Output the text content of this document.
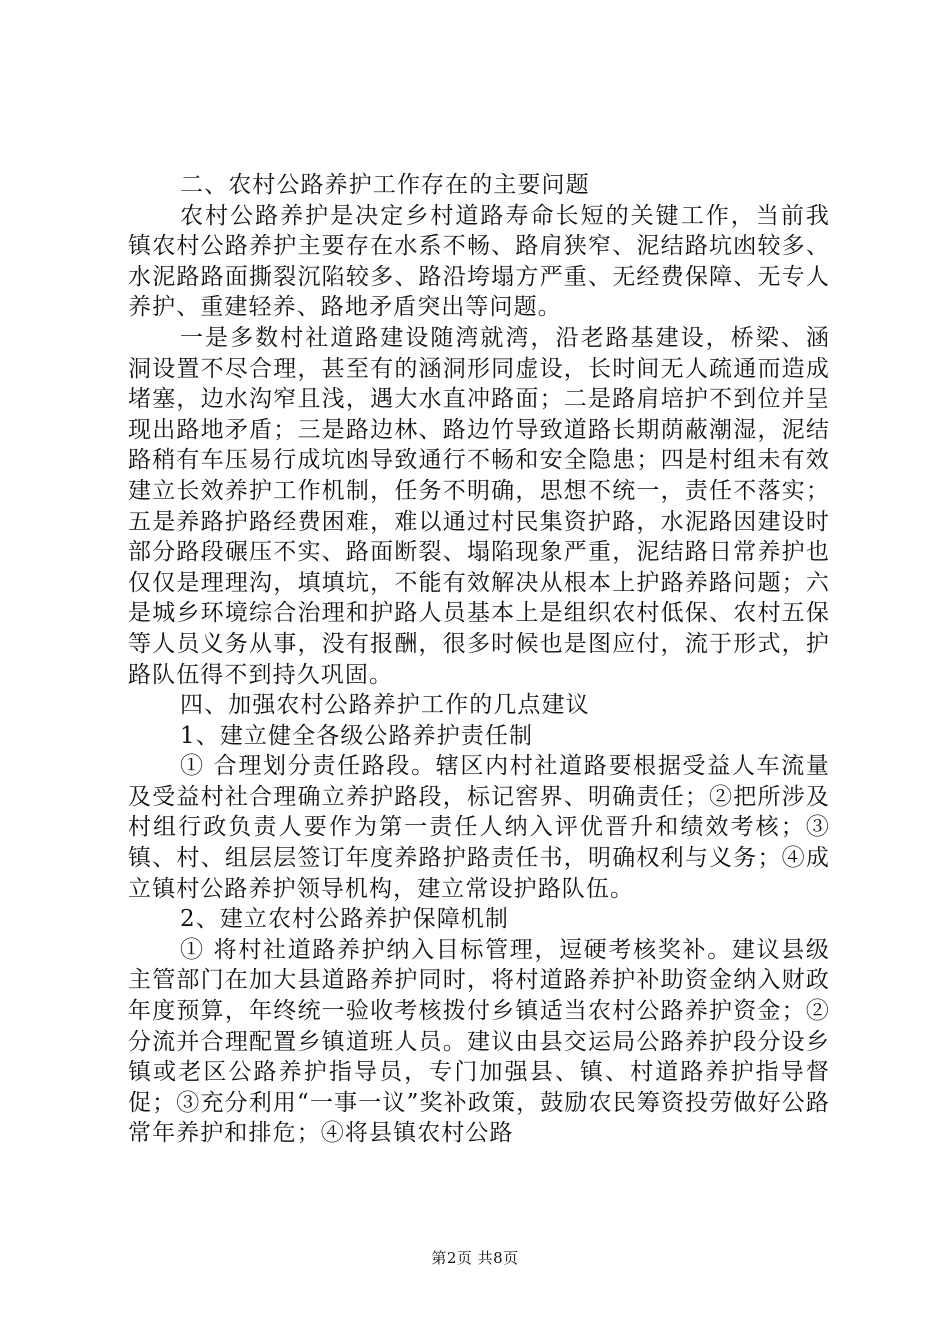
二、农村公路养护工作存在的主要问题

农村公路养护是决定乡村道路寿命长短的关键工作，当前我镇农村公路养护主要存在水系不畅、路肩狭窄、泥结路坑凼较多、水泥路路面撕裂沉陷较多、路沿垮塌方严重、无经费保障、无专人养护、重建轻养、路地矛盾突出等问题。

一是多数村社道路建设随湾就湾，沿老路基建设，桥梁、涵洞设置不尽合理，甚至有的涵洞形同虚设，长时间无人疏通而造成堵塞，边水沟窄且浅，遇大水直冲路面；二是路肩培护不到位并呈现出路地矛盾；三是路边林、路边竹导致道路长期荫蔽潮湿，泥结路稍有车压易行成坑凼导致通行不畅和安全隐患；四是村组未有效建立长效养护工作机制，任务不明确，思想不统一，责任不落实；五是养路护路经费困难，难以通过村民集资护路，水泥路因建设时部分路段碾压不实、路面断裂、塌陷现象严重，泥结路日常养护也仅仅是理理沟，填填坑，不能有效解决从根本上护路养路问题；六是城乡环境综合治理和护路人员基本上是组织农村低保、农村五保等人员义务从事，没有报酬，很多时候也是图应付，流于形式，护路队伍得不到持久巩固。

四、加强农村公路养护工作的几点建议

1、建立健全各级公路养护责任制

① 合理划分责任路段。辖区内村社道路要根据受益人车流量及受益村社合理确立养护路段，标记窖界、明确责任；②把所涉及村组行政负责人要作为第一责任人纳入评优晋升和绩效考核；③镇、村、组层层签订年度养路护路责任书，明确权利与义务；④成立镇村公路养护领导机构，建立常设护路队伍。

2、建立农村公路养护保障机制

① 将村社道路养护纳入目标管理，逗硬考核奖补。建议县级主管部门在加大县道路养护同时，将村道路养护补助资金纳入财政年度预算，年终统一验收考核拨付乡镇适当农村公路养护资金；②分流并合理配置乡镇道班人员。建议由县交运局公路养护段分设乡镇或老区公路养护指导员，专门加强县、镇、村道路养护指导督促；③充分利用“一事一议”奖补政策，鼓励农民筹资投劳做好公路常年养护和排危；④将县镇农村公路

第2页 共8页
